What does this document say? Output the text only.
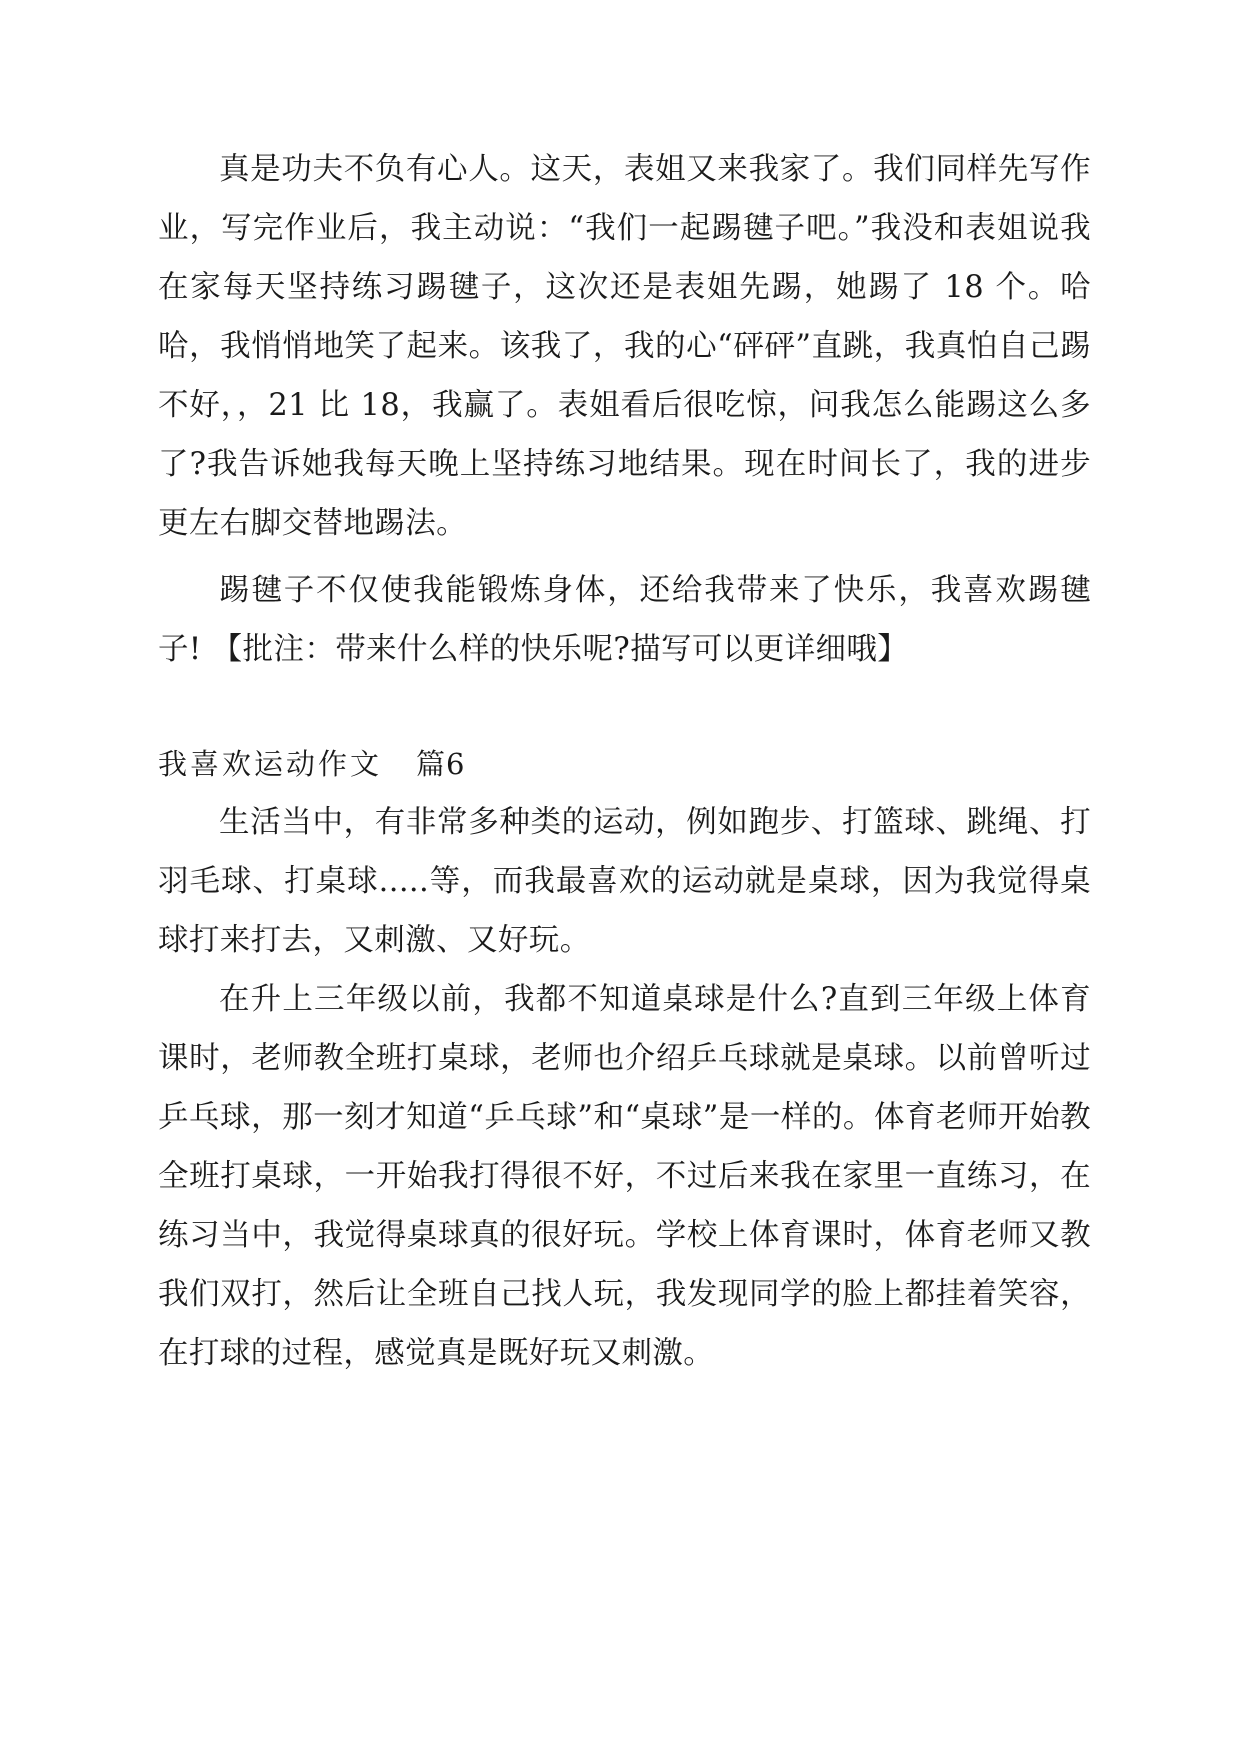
真是功夫不负有心人。这天，表姐又来我家了。我们同样先写作业，写完作业后，我主动说：“我们一起踢毽子吧。”我没和表姐说我在家每天坚持练习踢毽子，这次还是表姐先踢，她踢了 18 个。哈哈，我悄悄地笑了起来。该我了，我的心“砰砰”直跳，我真怕自己踢不好，，21 比 18，我赢了。表姐看后很吃惊，问我怎么能踢这么多了?我告诉她我每天晚上坚持练习地结果。现在时间长了，我的进步更左右脚交替地踢法。

踢毽子不仅使我能锻炼身体，还给我带来了快乐，我喜欢踢毽子! 【批注：带来什么样的快乐呢?描写可以更详细哦】

我喜欢运动作文 篇6

生活当中，有非常多种类的运动，例如跑步、打篮球、跳绳、打羽毛球、打桌球.....等，而我最喜欢的运动就是桌球，因为我觉得桌球打来打去，又刺激、又好玩。

在升上三年级以前，我都不知道桌球是什么?直到三年级上体育课时，老师教全班打桌球，老师也介绍乒乓球就是桌球。以前曾听过乒乓球，那一刻才知道“乒乓球”和“桌球”是一样的。体育老师开始教全班打桌球，一开始我打得很不好，不过后来我在家里一直练习，在练习当中，我觉得桌球真的很好玩。学校上体育课时，体育老师又教我们双打，然后让全班自己找人玩，我发现同学的脸上都挂着笑容，在打球的过程，感觉真是既好玩又刺激。
